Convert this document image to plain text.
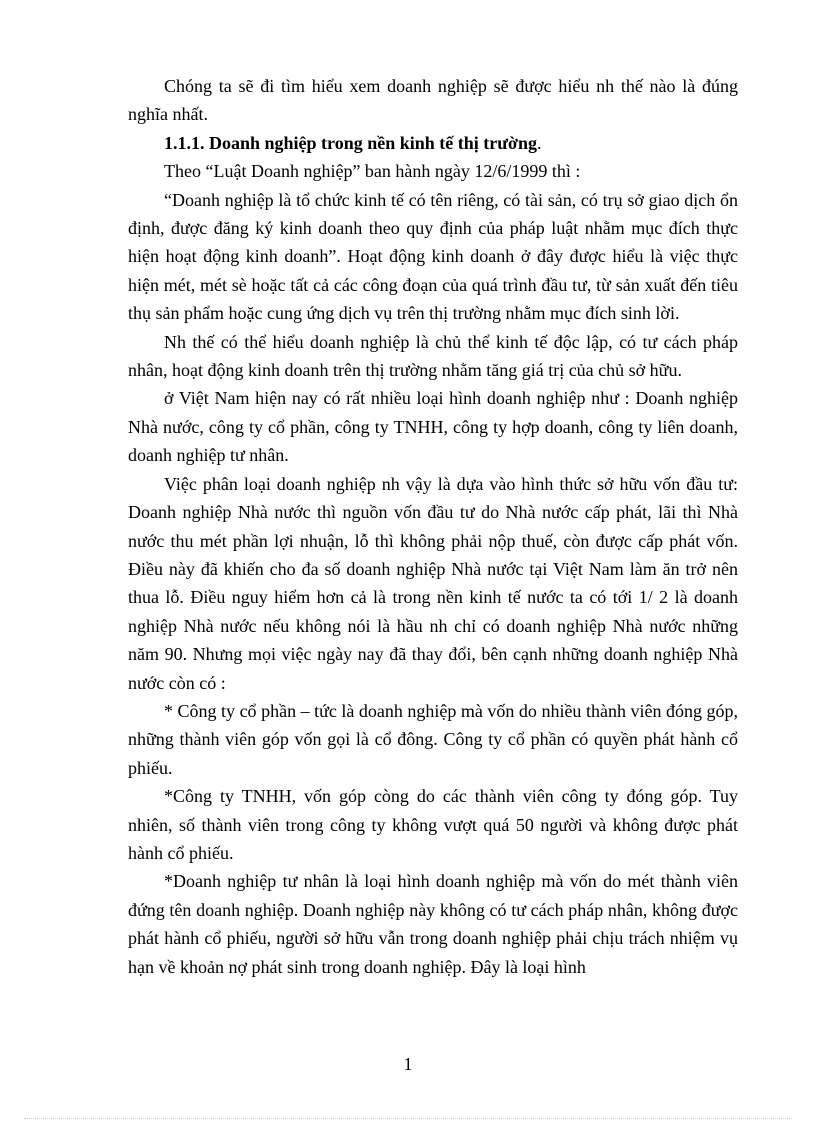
Chóng ta sẽ đi tìm hiểu xem doanh nghiệp sẽ được hiểu nh thế nào là đúng nghĩa nhất.

1.1.1. Doanh nghiệp trong nền kinh tế thị trường.

Theo “Luật Doanh nghiệp” ban hành ngày 12/6/1999 thì :

“Doanh nghiệp là tổ chức kinh tế có tên riêng, có tài sản, có trụ sở giao dịch ổn định, được đăng ký kinh doanh theo quy định của pháp luật nhằm mục đích thực hiện hoạt động kinh doanh”. Hoạt động kinh doanh ở đây được hiểu là việc thực hiện mét, mét sè hoặc tất cả các công đoạn của quá trình đầu tư, từ sản xuất đến tiêu thụ sản phẩm hoặc cung ứng dịch vụ trên thị trường nhằm mục đích sinh lời.

Nh thế có thể hiểu doanh nghiệp là chủ thể kinh tế độc lập, có tư cách pháp nhân, hoạt động kinh doanh trên thị trường nhằm tăng giá trị của chủ sở hữu.

ở Việt Nam hiện nay có rất nhiều loại hình doanh nghiệp như : Doanh nghiệp Nhà nước, công ty cổ phần, công ty TNHH, công ty hợp doanh, công ty liên doanh, doanh nghiệp tư nhân.

Việc phân loại doanh nghiệp nh vậy là dựa vào hình thức sở hữu vốn đầu tư: Doanh nghiệp Nhà nước thì nguồn vốn đầu tư do Nhà nước cấp phát, lãi thì Nhà nước thu mét phần lợi nhuận, lỗ thì không phải nộp thuế, còn được cấp phát vốn. Điều này đã khiến cho đa số doanh nghiệp Nhà nước tại Việt Nam làm ăn trở nên thua lỗ. Điều nguy hiểm hơn cả là trong nền kinh tế nước ta có tới 1/ 2 là doanh nghiệp Nhà nước nếu không nói là hầu nh chỉ có doanh nghiệp Nhà nước những năm 90. Nhưng mọi việc ngày nay đã thay đổi, bên cạnh những doanh nghiệp Nhà nước còn có :

* Công ty cổ phần – tức là doanh nghiệp mà vốn do nhiều thành viên đóng góp, những thành viên góp vốn gọi là cổ đông. Công ty cổ phần có quyền phát hành cổ phiếu.

*Công ty TNHH, vốn góp còng do các thành viên công ty đóng góp. Tuy nhiên, số thành viên trong công ty không vượt quá 50 người và không được phát hành cổ phiếu.

*Doanh nghiệp tư nhân là loại hình doanh nghiệp mà vốn do mét thành viên đứng tên doanh nghiệp. Doanh nghiệp này không có tư cách pháp nhân, không được phát hành cổ phiếu, người sở hữu vẫn trong doanh nghiệp phải chịu trách nhiệm vụ hạn về khoản nợ phát sinh trong doanh nghiệp. Đây là loại hình

1
